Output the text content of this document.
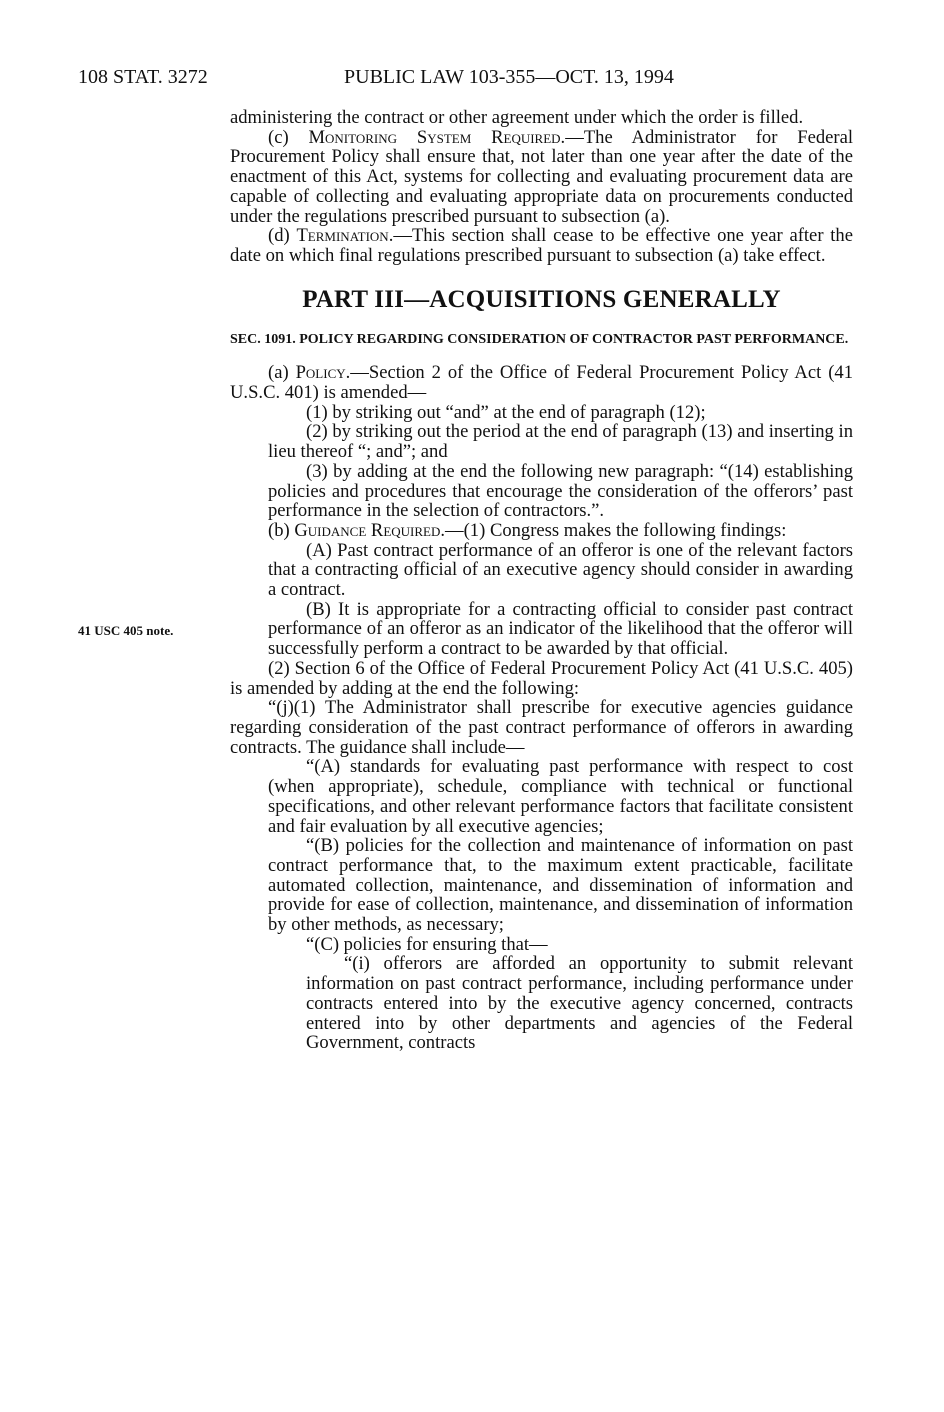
108 STAT. 3272	PUBLIC LAW 103-355—OCT. 13, 1994
41 USC 405 note.

administering the contract or other agreement under which the order is filled.

(c) Monitoring System Required.—The Administrator for Federal Procurement Policy shall ensure that, not later than one year after the date of the enactment of this Act, systems for collecting and evaluating procurement data are capable of collecting and evaluating appropriate data on procurements conducted under the regulations prescribed pursuant to subsection (a).

(d) Termination.—This section shall cease to be effective one year after the date on which final regulations prescribed pursuant to subsection (a) take effect.

PART III—ACQUISITIONS GENERALLY
SEC. 1091. POLICY REGARDING CONSIDERATION OF CONTRACTOR PAST PERFORMANCE.

(a) Policy.—Section 2 of the Office of Federal Procurement Policy Act (41 U.S.C. 401) is amended—

(1) by striking out “and” at the end of paragraph (12);

(2) by striking out the period at the end of paragraph (13) and inserting in lieu thereof “; and”; and

(3) by adding at the end the following new paragraph: “(14) establishing policies and procedures that encourage the consideration of the offerors’ past performance in the selection of contractors.”.

(b) Guidance Required.—(1) Congress makes the following findings:

(A) Past contract performance of an offeror is one of the relevant factors that a contracting official of an executive agency should consider in awarding a contract.

(B) It is appropriate for a contracting official to consider past contract performance of an offeror as an indicator of the likelihood that the offeror will successfully perform a contract to be awarded by that official.

(2) Section 6 of the Office of Federal Procurement Policy Act (41 U.S.C. 405) is amended by adding at the end the following:

“(j)(1) The Administrator shall prescribe for executive agencies guidance regarding consideration of the past contract performance of offerors in awarding contracts. The guidance shall include—

“(A) standards for evaluating past performance with respect to cost (when appropriate), schedule, compliance with technical or functional specifications, and other relevant performance factors that facilitate consistent and fair evaluation by all executive agencies;

“(B) policies for the collection and maintenance of information on past contract performance that, to the maximum extent practicable, facilitate automated collection, maintenance, and dissemination of information and provide for ease of collection, maintenance, and dissemination of information by other methods, as necessary;

“(C) policies for ensuring that—

“(i) offerors are afforded an opportunity to submit relevant information on past contract performance, including performance under contracts entered into by the executive agency concerned, contracts entered into by other departments and agencies of the Federal Government, contracts
